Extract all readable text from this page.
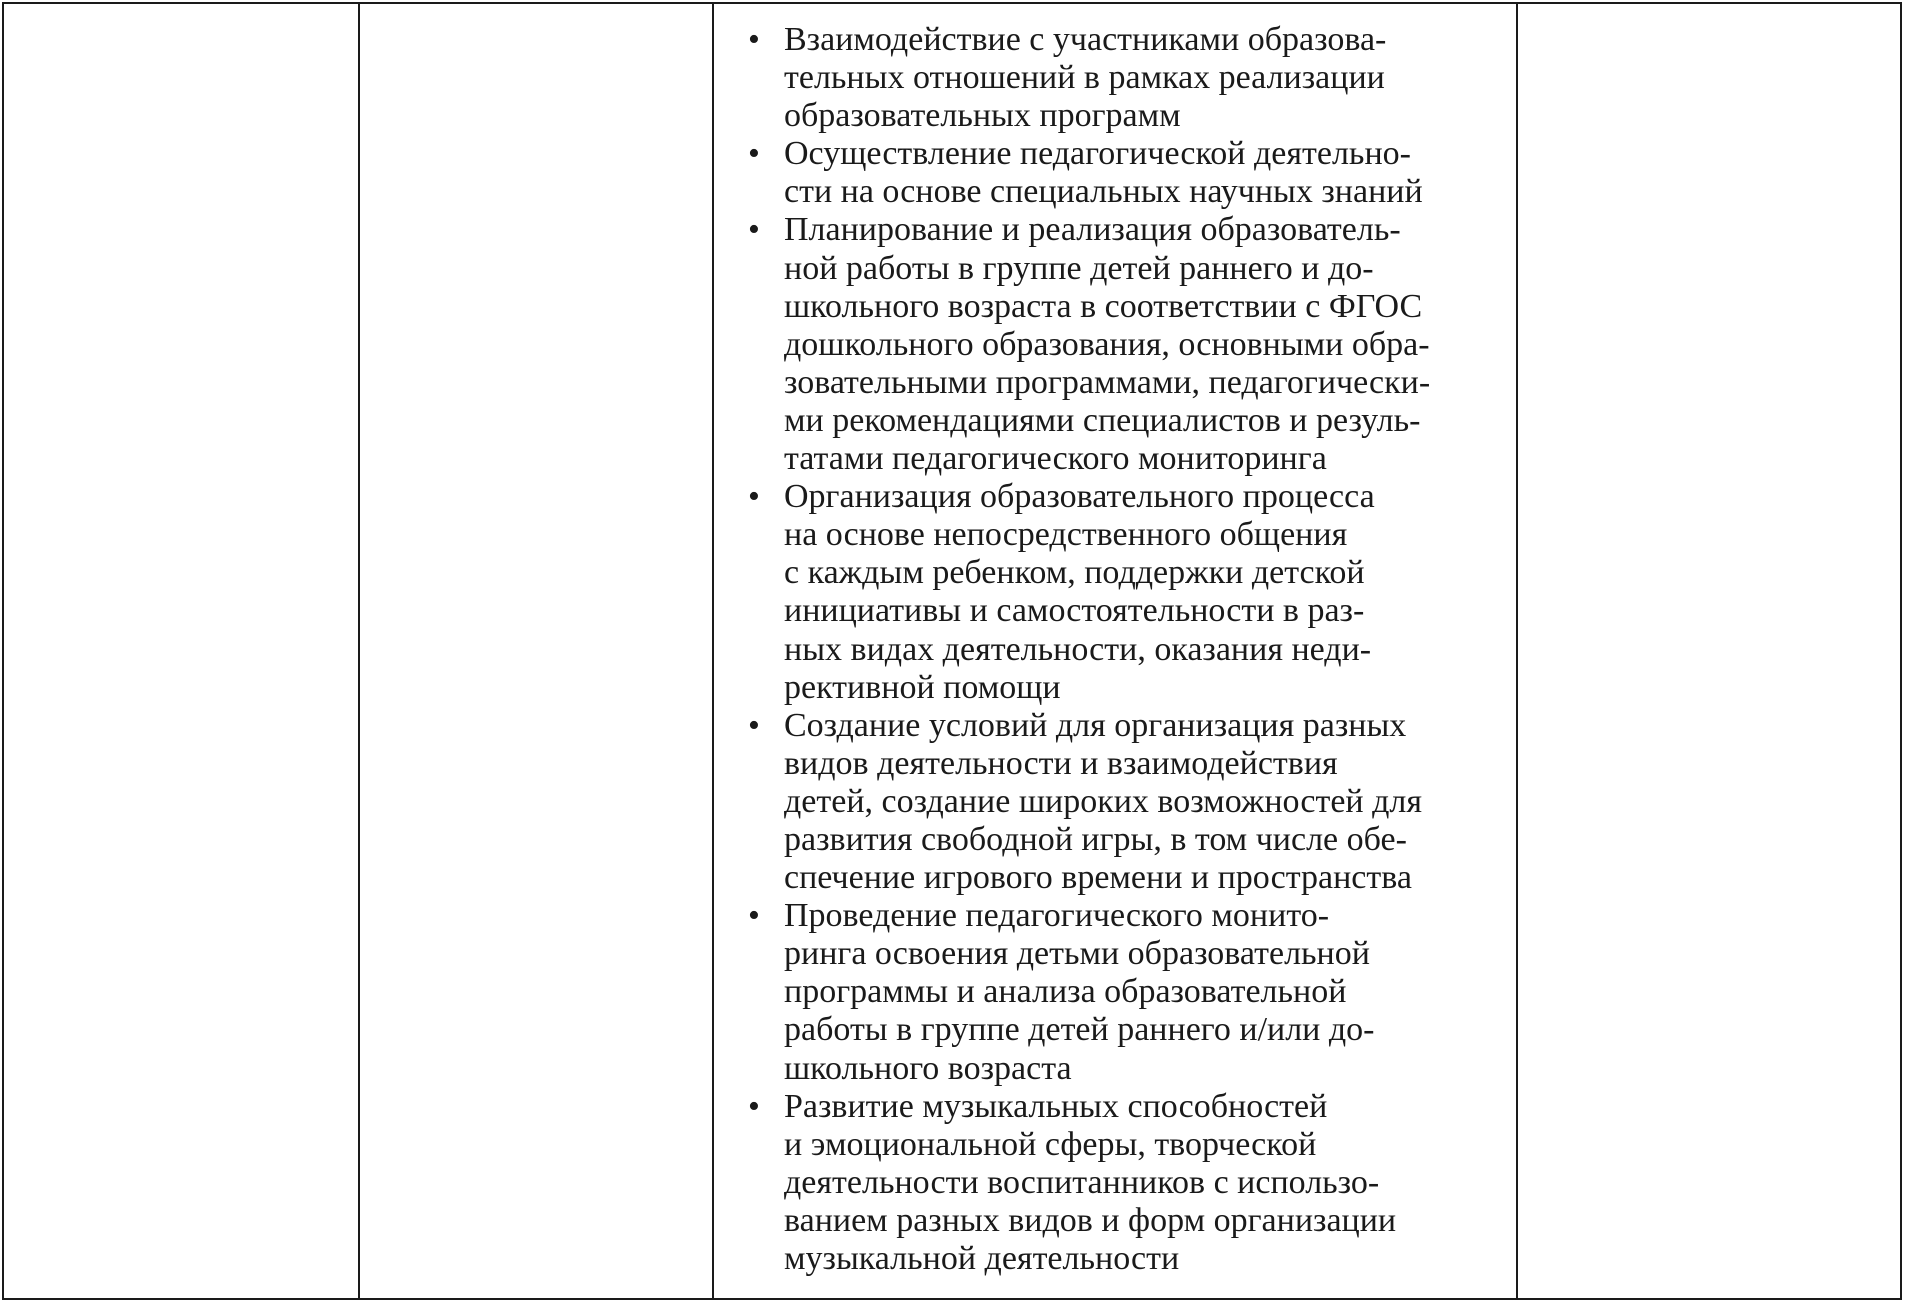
• Взаимодействие с участниками образова-
тельных отношений в рамках реализации
образовательных программ
• Осуществление педагогической деятельно-
сти на основе специальных научных знаний
• Планирование и реализация образователь-
ной работы в группе детей раннего и до-
школьного возраста в соответствии с ФГОС
дошкольного образования, основными обра-
зовательными программами, педагогически-
ми рекомендациями специалистов и резуль-
татами педагогического мониторинга
• Организация образовательного процесса
на основе непосредственного общения
с каждым ребенком, поддержки детской
инициативы и самостоятельности в раз-
ных видах деятельности, оказания неди-
рективной помощи
• Создание условий для организация разных
видов деятельности и взаимодействия
детей, создание широких возможностей для
развития свободной игры, в том числе обе-
спечение игрового времени и пространства
• Проведение педагогического монито-
ринга освоения детьми образовательной
программы и анализа образовательной
работы в группе детей раннего и/или до-
школьного возраста
• Развитие музыкальных способностей
и эмоциональной сферы, творческой
деятельности воспитанников с использо-
ванием разных видов и форм организации
музыкальной деятельности
